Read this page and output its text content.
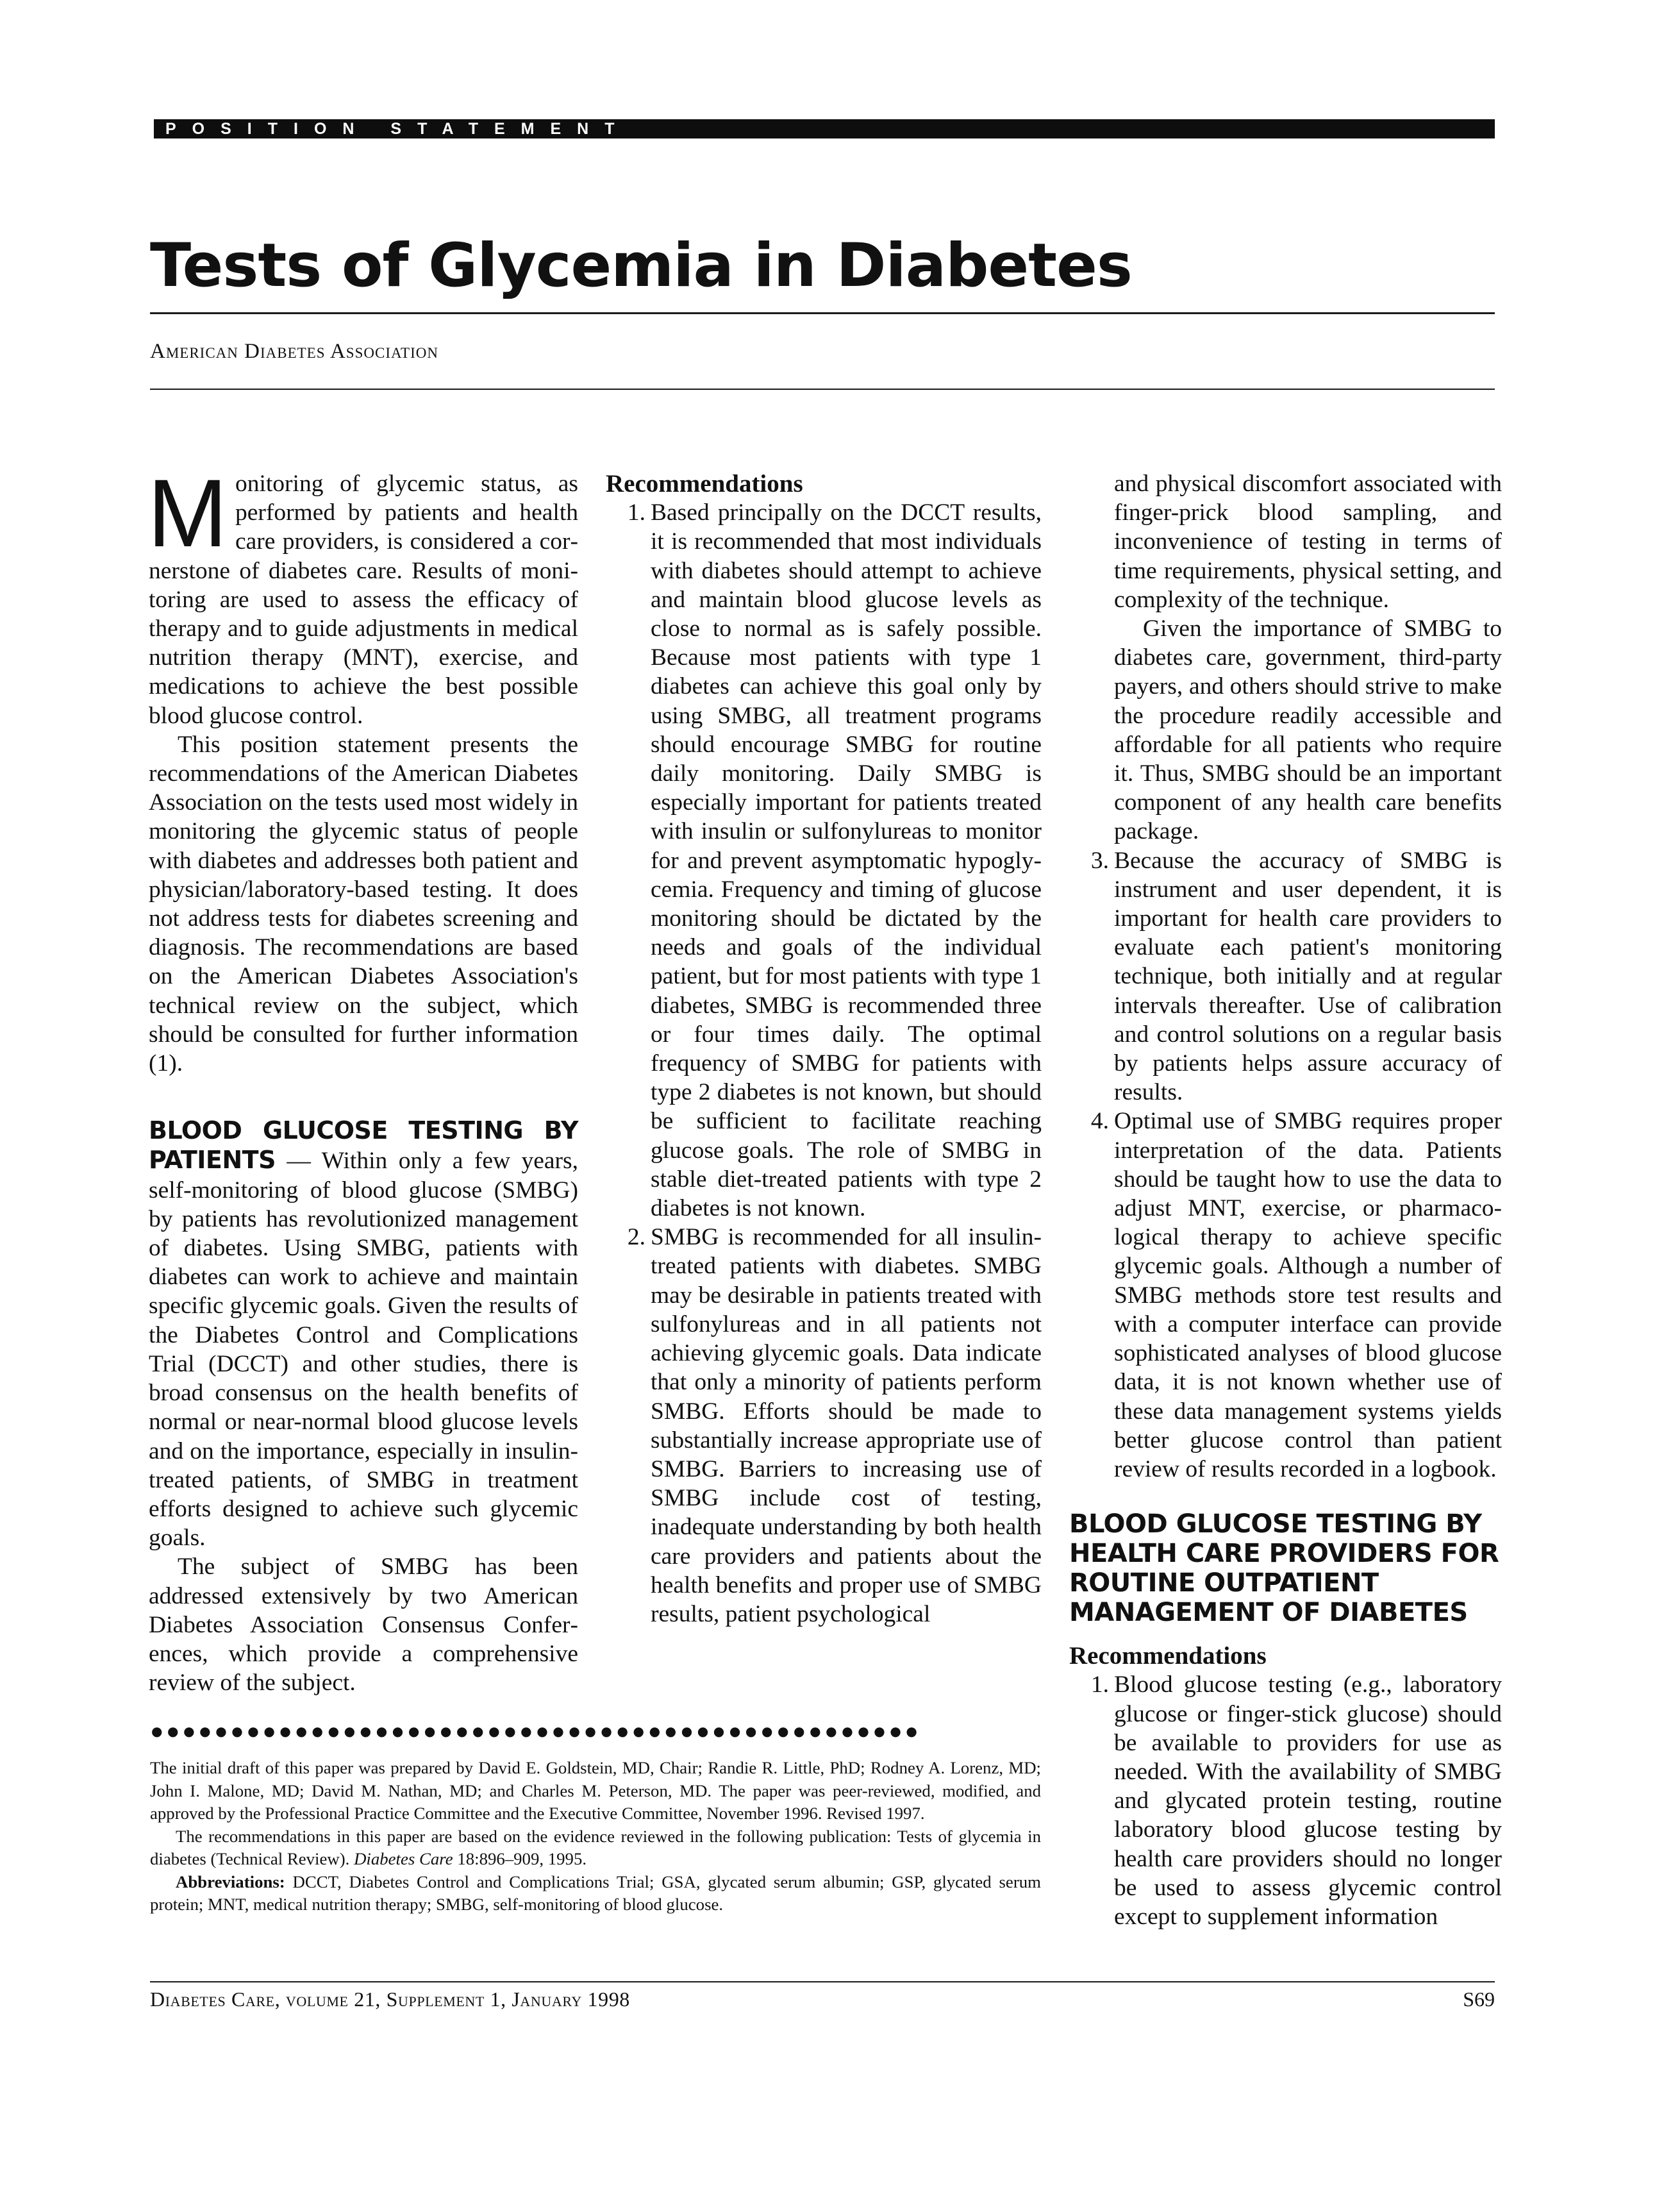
POSITION STATEMENT
Tests of Glycemia in Diabetes
American Diabetes Association

Monitoring of glycemic status, as performed by patients and health care providers, is considered a cornerstone of diabetes care. Results of monitoring are used to assess the efficacy of therapy and to guide adjustments in medical nutrition therapy (MNT), exercise, and medications to achieve the best possible blood glucose control.

This position statement presents the recommendations of the American Diabetes Association on the tests used most widely in monitoring the glycemic status of people with diabetes and addresses both patient and physician/laboratory-based testing. It does not address tests for diabetes screening and diagnosis. The recommendations are based on the American Diabetes Association's technical review on the subject, which should be consulted for further information (1).

BLOOD GLUCOSE TESTING BY PATIENTS — Within only a few years, self-monitoring of blood glucose (SMBG) by patients has revolutionized management of diabetes. Using SMBG, patients with diabetes can work to achieve and maintain specific glycemic goals. Given the results of the Diabetes Control and Complications Trial (DCCT) and other studies, there is broad consensus on the health benefits of normal or near-normal blood glucose levels and on the importance, especially in insulin-treated patients, of SMBG in treatment efforts designed to achieve such glycemic goals.

The subject of SMBG has been addressed extensively by two American Diabetes Association Consensus Conferences, which provide a comprehensive review of the subject.

Recommendations

1. Based principally on the DCCT results, it is recommended that most individuals with diabetes should attempt to achieve and maintain blood glucose levels as close to normal as is safely possible. Because most patients with type 1 diabetes can achieve this goal only by using SMBG, all treatment programs should encourage SMBG for routine daily monitoring. Daily SMBG is especially important for patients treated with insulin or sulfonylureas to monitor for and prevent asymptomatic hypoglycemia. Frequency and timing of glucose monitoring should be dictated by the needs and goals of the individual patient, but for most patients with type 1 diabetes, SMBG is recommended three or four times daily. The optimal frequency of SMBG for patients with type 2 diabetes is not known, but should be sufficient to facilitate reaching glucose goals. The role of SMBG in stable diet-treated patients with type 2 diabetes is not known.
2. SMBG is recommended for all insulin-treated patients with diabetes. SMBG may be desirable in patients treated with sulfonylureas and in all patients not achieving glycemic goals. Data indicate that only a minority of patients perform SMBG. Efforts should be made to substantially increase appropriate use of SMBG. Barriers to increasing use of SMBG include cost of testing, inadequate understanding by both health care providers and patients about the health benefits and proper use of SMBG results, patient psychological

and physical discomfort associated with finger-prick blood sampling, and inconvenience of testing in terms of time requirements, physical setting, and complexity of the technique.

Given the importance of SMBG to diabetes care, government, third-party payers, and others should strive to make the procedure readily accessible and affordable for all patients who require it. Thus, SMBG should be an important component of any health care benefits package.

3. Because the accuracy of SMBG is instrument and user dependent, it is important for health care providers to evaluate each patient's monitoring technique, both initially and at regular intervals thereafter. Use of calibration and control solutions on a regular basis by patients helps assure accuracy of results.
4. Optimal use of SMBG requires proper interpretation of the data. Patients should be taught how to use the data to adjust MNT, exercise, or pharmacological therapy to achieve specific glycemic goals. Although a number of SMBG methods store test results and with a computer interface can provide sophisticated analyses of blood glucose data, it is not known whether use of these data management systems yields better glucose control than patient review of results recorded in a logbook.
BLOOD GLUCOSE TESTING BY HEALTH CARE PROVIDERS FOR ROUTINE OUTPATIENT MANAGEMENT OF DIABETES

Recommendations

1. Blood glucose testing (e.g., laboratory glucose or finger-stick glucose) should be available to providers for use as needed. With the availability of SMBG and glycated protein testing, routine laboratory blood glucose testing by health care providers should no longer be used to assess glycemic control except to supplement information
●●●●●●●●●●●●●●●●●●●●●●●●●●●●●●●●●●●●●●●●●●●●●●●●

The initial draft of this paper was prepared by David E. Goldstein, MD, Chair; Randie R. Little, PhD; Rodney A. Lorenz, MD; John I. Malone, MD; David M. Nathan, MD; and Charles M. Peterson, MD. The paper was peer-reviewed, modified, and approved by the Professional Practice Committee and the Executive Committee, November 1996. Revised 1997.

The recommendations in this paper are based on the evidence reviewed in the following publication: Tests of glycemia in diabetes (Technical Review). Diabetes Care 18:896–909, 1995.

Abbreviations: DCCT, Diabetes Control and Complications Trial; GSA, glycated serum albumin; GSP, glycated serum protein; MNT, medical nutrition therapy; SMBG, self-monitoring of blood glucose.

Diabetes Care, volume 21, Supplement 1, January 1998	S69
